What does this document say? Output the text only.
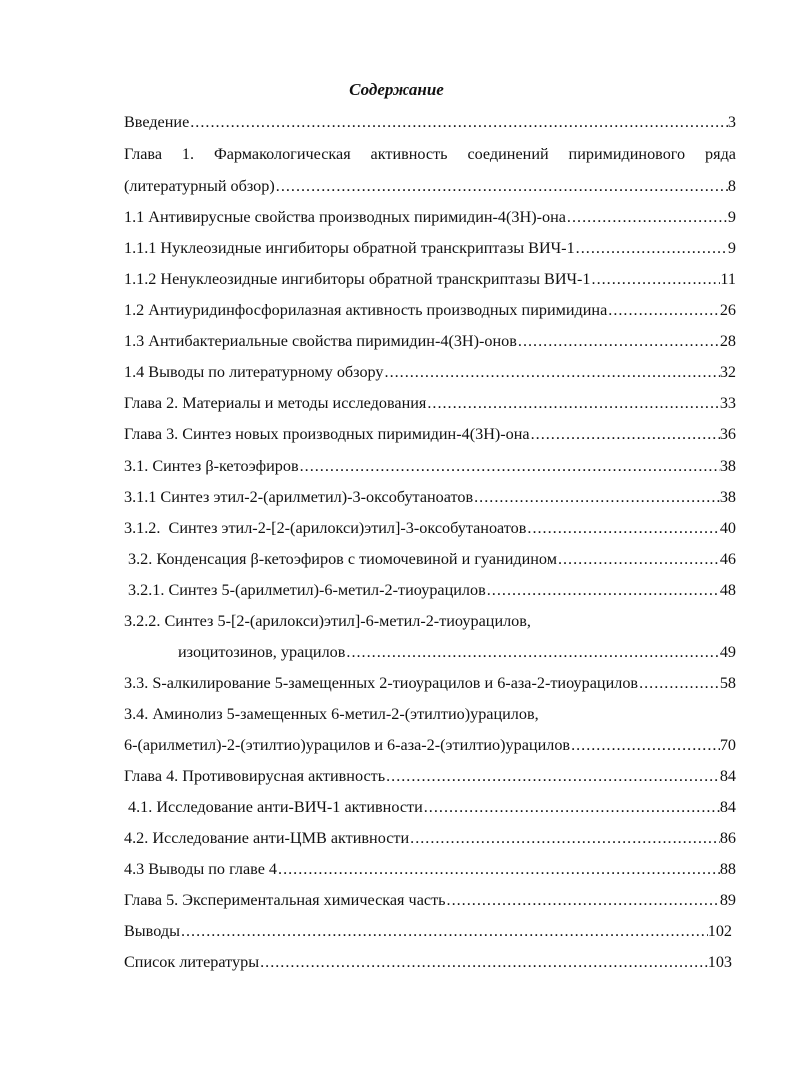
Содержание
Введение .....	3
Глава 1. Фармакологическая активность соединений пиримидинового ряда
(литературный обзор) .....	8
1.1 Антивирусные свойства производных пиримидин-4(3H)-она .....	9
1.1.1 Нуклеозидные ингибиторы обратной транскриптазы ВИЧ-1 .....	9
1.1.2 Ненуклеозидные ингибиторы обратной транскриптазы ВИЧ-1 .....	11
1.2 Антиуридинфосфорилазная активность производных пиримидина .....	26
1.3 Антибактериальные свойства пиримидин-4(3H)-онов .....	28
1.4 Выводы по литературному обзору .....	32
Глава 2. Материалы и методы исследования .....	33
Глава 3. Синтез новых производных пиримидин-4(3H)-она .....	36
3.1. Синтез β-кетоэфиров .....	38
3.1.1 Синтез этил-2-(арилметил)-3-оксобутаноатов .....	38
3.1.2.  Синтез этил-2-[2-(арилокси)этил]-3-оксобутаноатов .....	40
3.2. Конденсация β-кетоэфиров с тиомочевиной и гуанидином .....	46
3.2.1. Синтез 5-(арилметил)-6-метил-2-тиоурацилов .....	48
3.2.2. Синтез 5-[2-(арилокси)этил]-6-метил-2-тиоурацилов,
изоцитозинов, урацилов .....	49
3.3. S-алкилирование 5-замещенных 2-тиоурацилов и 6-аза-2-тиоурацилов .....	58
3.4. Аминолиз 5-замещенных 6-метил-2-(этилтио)урацилов,
6-(арилметил)-2-(этилтио)урацилов и 6-аза-2-(этилтио)урацилов .....	70
Глава 4. Противовирусная активность .....	84
4.1. Исследование анти-ВИЧ-1 активности .....	84
4.2. Исследование анти-ЦМВ активности .....	86
4.3 Выводы по главе 4 .....	88
Глава 5. Экспериментальная химическая часть .....	89
Выводы .....	102
Список литературы .....	103
